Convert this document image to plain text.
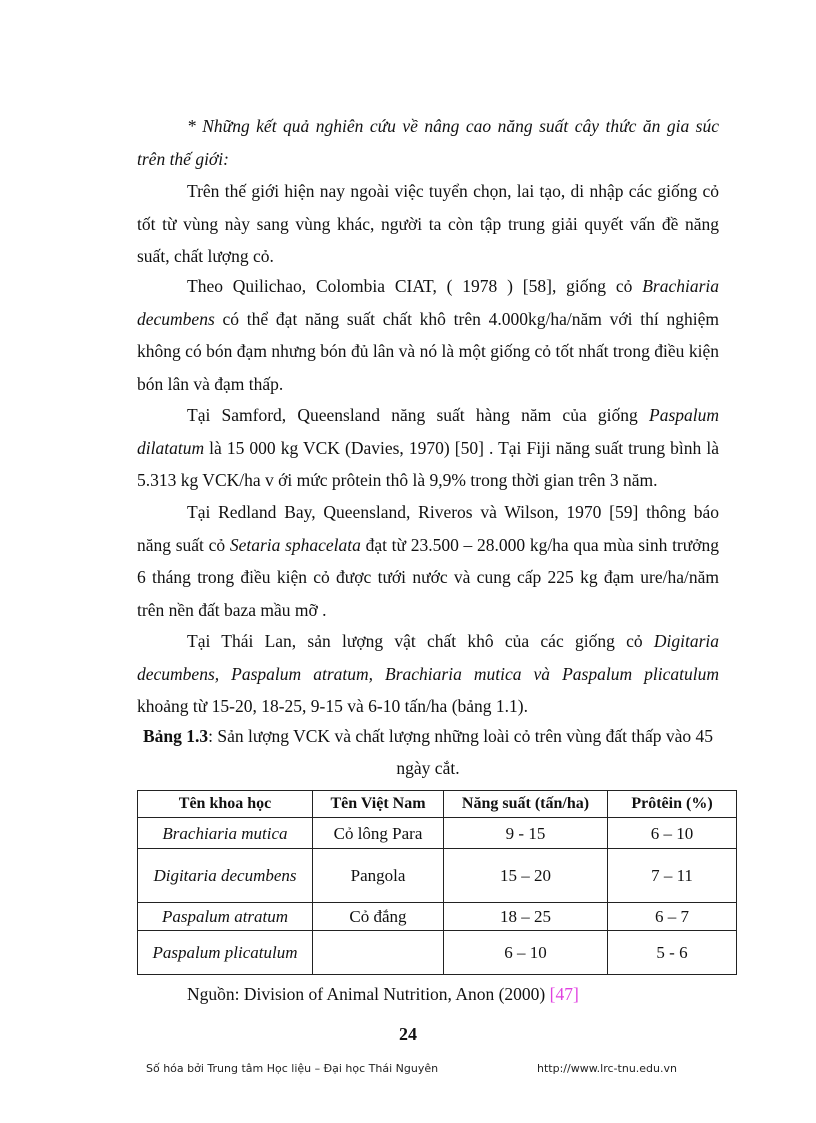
* Những kết quả nghiên cứu về nâng cao năng suất cây thức ăn gia súc trên thế giới:

Trên thế giới hiện nay ngoài việc tuyển chọn, lai tạo, di nhập các giống cỏ tốt từ vùng này sang vùng khác, người ta còn tập trung giải quyết vấn đề năng suất, chất lượng cỏ.

Theo Quilichao, Colombia CIAT, ( 1978 ) [58], giống cỏ Brachiaria decumbens có thể đạt năng suất chất khô trên 4.000kg/ha/năm với thí nghiệm không có bón đạm nhưng bón đủ lân và nó là một giống cỏ tốt nhất trong điều kiện bón lân và đạm thấp.

Tại Samford, Queensland năng suất hàng năm của giống Paspalum dilatatum là 15 000 kg VCK (Davies, 1970) [50] . Tại Fiji năng suất trung bình là 5.313 kg VCK/ha v ới mức prôtein thô là 9,9% trong thời gian trên 3 năm.

Tại Redland Bay, Queensland, Riveros và Wilson, 1970 [59] thông báo năng suất cỏ Setaria sphacelata đạt từ 23.500 – 28.000 kg/ha qua mùa sinh trưởng 6 tháng trong điều kiện cỏ được tưới nước và cung cấp 225 kg đạm ure/ha/năm trên nền đất baza mầu mỡ .

Tại Thái Lan, sản lượng vật chất khô của các giống cỏ Digitaria decumbens, Paspalum atratum, Brachiaria mutica và Paspalum plicatulum khoảng từ 15-20, 18-25, 9-15 và 6-10 tấn/ha (bảng 1.1).

Bảng 1.3: Sản lượng VCK và chất lượng những loài cỏ trên vùng đất thấp vào 45 ngày cắt.

Tên khoa học	Tên Việt Nam	Năng suất (tấn/ha)	Prôtêin (%)
Brachiaria mutica	Cỏ lông Para	9 - 15	6 – 10
Digitaria decumbens	Pangola	15 – 20	7 – 11
Paspalum atratum	Cỏ đắng	18 – 25	6 – 7
Paspalum plicatulum		6 – 10	5 - 6

Nguồn: Division of Animal Nutrition, Anon (2000) [47]

24
Số hóa bởi Trung tâm Học liệu – Đại học Thái Nguyên	http://www.lrc-tnu.edu.vn
